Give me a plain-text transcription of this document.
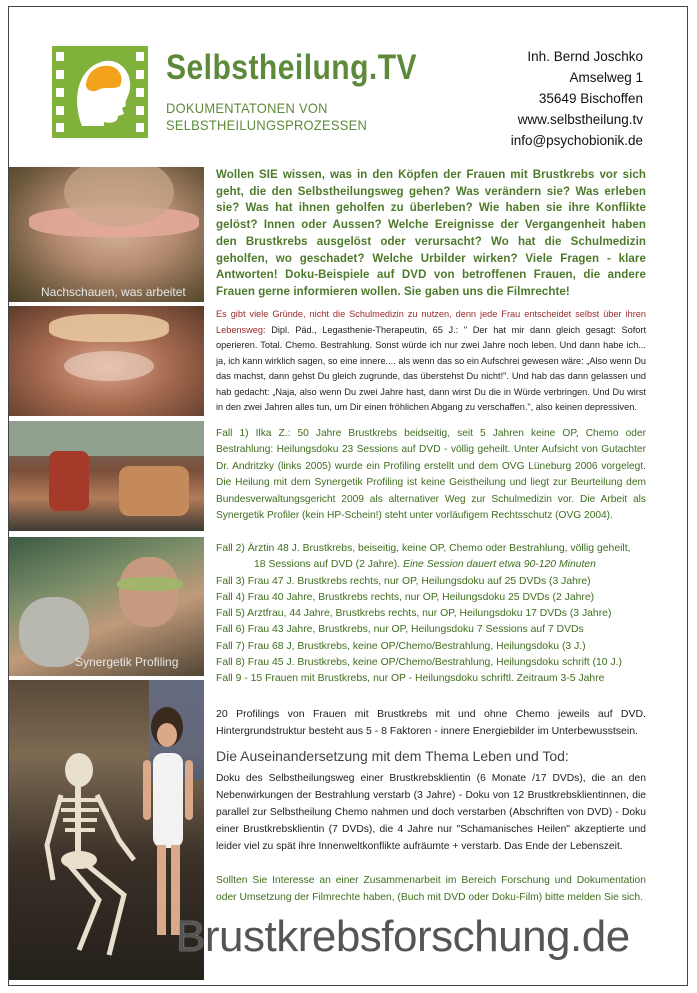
Selbstheilung.TV
DOKUMENTATONEN VON
SELBSTHEILUNGSPROZESSEN
Inh. Bernd Joschko
Amselweg 1
35649 Bischoffen
www.selbstheilung.tv
info@psychobionik.de
Nachschauen, was arbeitet
Synergetik Profiling
Wollen SIE wissen, was in den Köpfen der Frauen mit Brustkrebs vor sich geht, die den Selbstheilungsweg gehen? Was verändern sie? Was erleben sie? Was hat ihnen geholfen zu überleben? Wie haben sie ihre Konflikte gelöst? Innen oder Aussen? Welche Ereignisse der Vergangenheit haben den Brustkrebs ausgelöst oder verursacht? Wo hat die Schulmedizin geholfen, wo geschadet? Welche Urbilder wirken? Viele Fragen - klare Antworten! Doku-Beispiele auf DVD von betroffenen Frauen, die andere Frauen gerne informieren wollen. Sie gaben uns die Filmrechte!
Es gibt viele Gründe, nicht die Schulmedizin zu nutzen, denn jede Frau entscheidet selbst über ihren Lebensweg: Dipl. Päd., Legasthenie-Therapeutin, 65 J.: " Der hat mir dann gleich gesagt: Sofort operieren. Total. Chemo. Bestrahlung. Sonst würde ich nur zwei Jahre noch leben. Und dann habe ich... ja, ich kann wirklich sagen, so eine innere.... als wenn das so ein Aufschrei gewesen wäre: „Also wenn Du das machst, dann gehst Du gleich zugrunde, das überstehst Du nicht!". Und hab das dann gelassen und hab gedacht: „Naja, also wenn Du zwei Jahre hast, dann wirst Du die in Würde verbringen. Und Du wirst in den zwei Jahren alles tun, um Dir einen fröhlichen Abgang zu verschaffen.", also keinen depressiven.
Fall 1) Ilka Z.: 50 Jahre Brustkrebs beidseitig, seit 5 Jahren keine OP, Chemo oder Bestrahlung: Heilungsdoku 23 Sessions auf DVD - völlig geheilt. Unter Aufsicht von Gutachter Dr. Andritzky (links 2005) wurde ein Profiling erstellt und dem OVG Lüneburg 2006 vorgelegt. Die Heilung mit dem Synergetik Profiling ist keine Geistheilung und liegt zur Beurteilung dem Bundesverwaltungsgericht 2009 als alternativer Weg zur Schulmedizin vor. Die Arbeit als Synergetik Profiler (kein HP-Schein!) steht unter vorläufigem Rechtsschutz (OVG 2004).
Fall 2) Ärztin 48 J. Brustkrebs, beiseitig, keine OP, Chemo oder Bestrahlung, völlig geheilt,
18 Sessions auf DVD (2 Jahre). Eine Session dauert etwa 90-120 Minuten
Fall 3) Frau 47 J. Brustkrebs rechts, nur OP, Heilungsdoku auf 25 DVDs (3 Jahre)
Fall 4) Frau 40 Jahre, Brustkrebs rechts, nur OP, Heilungsdoku 25 DVDs (2 Jahre)
Fall 5) Arztfrau, 44 Jahre, Brustkrebs rechts, nur OP, Heilungsdoku 17 DVDs (3 Jahre)
Fall 6) Frau 43 Jahre, Brustkrebs, nur OP, Heilungsdoku 7 Sessions auf 7 DVDs
Fall 7) Frau 68 J, Brustkrebs, keine OP/Chemo/Bestrahlung, Heilungsdoku (3 J.)
Fall 8) Frau 45 J. Brustkrebs, keine OP/Chemo/Bestrahlung, Heilungsdoku schrift (10 J.)
Fall 9 - 15 Frauen mit Brustkrebs, nur OP - Heilungsdoku schriftl. Zeitraum 3-5 Jahre
20 Profilings von Frauen mit Brustkrebs mit und ohne Chemo jeweils auf DVD. Hintergrundstruktur besteht aus 5 - 8 Faktoren - innere Energiebilder im Unterbewusstsein.
Die Auseinandersetzung mit dem Thema Leben und Tod:
Doku des Selbstheilungsweg einer Brustkrebsklientin (6 Monate /17 DVDs), die an den Nebenwirkungen der Bestrahlung verstarb (3 Jahre) - Doku von 12 Brustkrebsklientinnen, die parallel zur Selbstheilung Chemo nahmen und doch verstarben (Abschriften von DVD) - Doku einer Brustkrebsklientin (7 DVDs), die 4 Jahre nur "Schamanisches Heilen" akzeptierte und leider viel zu spät ihre Innenweltkonflikte aufräumte + verstarb. Das Ende der Lebenszeit.
Sollten Sie Interesse an einer Zusammenarbeit im Bereich Forschung und Dokumentation oder Umsetzung der Filmrechte haben, (Buch mit DVD oder Doku-Film) bitte melden Sie sich.
Brustkrebsforschung.de
